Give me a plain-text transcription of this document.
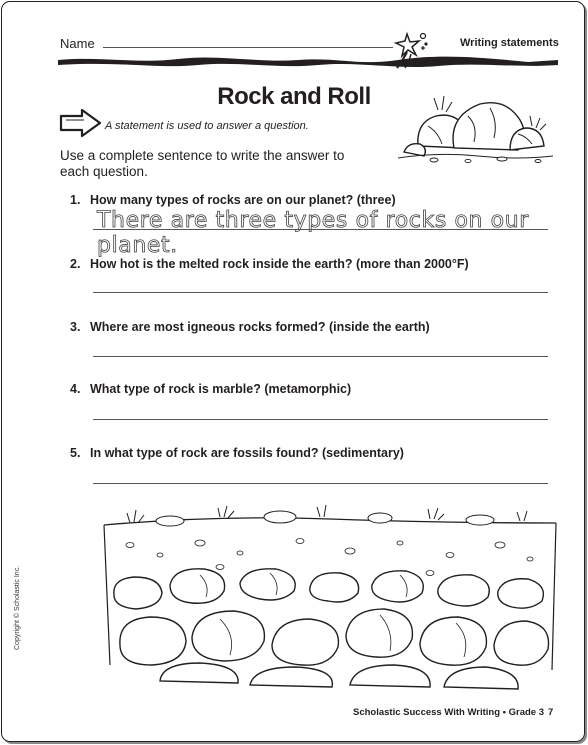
Name	Writing statements
Rock and Roll
A statement is used to answer a question.
Use a complete sentence to write the answer to each question.
1. How many types of rocks are on our planet? (three)
There are three types of rocks on our planet.
2. How hot is the melted rock inside the earth? (more than 2000°F)
3. Where are most igneous rocks formed? (inside the earth)
4. What type of rock is marble? (metamorphic)
5. In what type of rock are fossils found? (sedimentary)
Copyright © Scholastic Inc.
Scholastic Success With Writing • Grade 3 7
